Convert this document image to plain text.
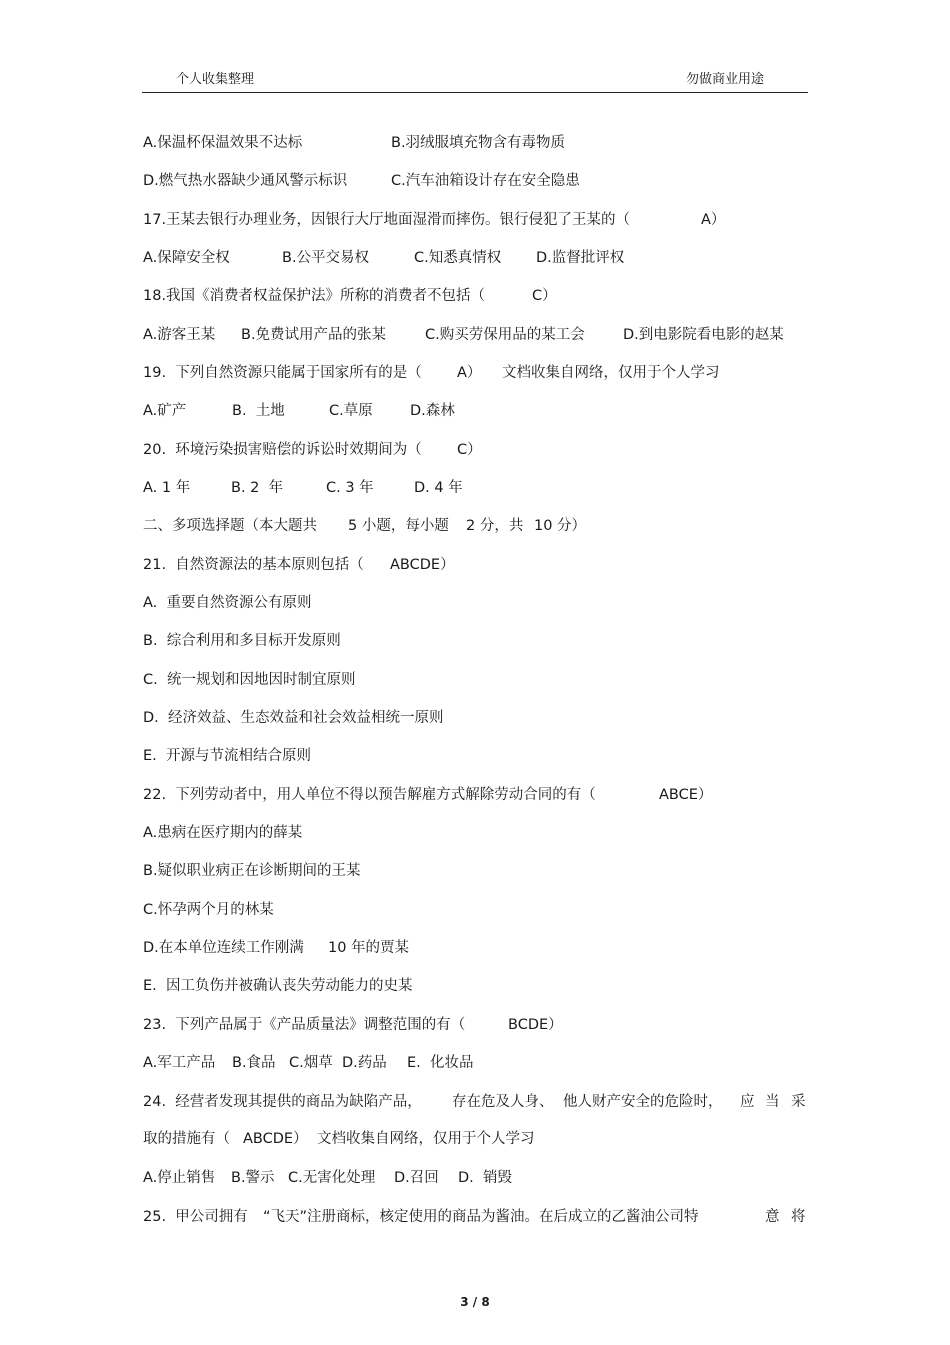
个人收集整理	勿做商业用途

A.保温杯保温效果不达标

	B.羽绒服填充物含有毒物质

D.燃气热水器缺少通风警示标识

	C.汽车油箱设计存在安全隐患

17.王某去银行办理业务，因银行大厅地面湿滑而摔伤。银行侵犯了王某的（

	A）

A.保障安全权

	B.公平交易权

	C.知悉真情权

D.监督批评权

18.我国《消费者权益保护法》所称的消费者不包括（

	C）

A.游客王某

B.免费试用产品的张某

	C.购买劳保用品的某工会

	D.到电影院看电影的赵某

19.  下列自然资源只能属于国家所有的是（

A）

文档收集自网络，仅用于个人学习

A.矿产

	B.  土地

	C.草原

	D.森林

20.  环境污染损害赔偿的诉讼时效期间为（

C）

A. 1 年

	B. 2  年

	C. 3 年

	D. 4 年

二、多项选择题（本大题共

5 小题，每小题

2 分，共

10 分）

21.  自然资源法的基本原则包括（

ABCDE）

A.  重要自然资源公有原则

B.  综合利用和多目标开发原则

C.  统一规划和因地因时制宜原则

D.  经济效益、生态效益和社会效益相统一原则

E.  开源与节流相结合原则

22.  下列劳动者中，用人单位不得以预告解雇方式解除劳动合同的有（

	ABCE）

A.患病在医疗期内的薛某

B.疑似职业病正在诊断期间的王某

C.怀孕两个月的林某

D.在本单位连续工作刚满

10 年的贾某

E.  因工负伤并被确认丧失劳动能力的史某

23.  下列产品属于《产品质量法》调整范围的有（

	BCDE）

A.军工产品

B.食品

C.烟草

D.药品

E.  化妆品

24.  经营者发现其提供的商品为缺陷产品，

存在危及人身、

他人财产安全的危险时，

应

当

采

取的措施有（

ABCDE）

文档收集自网络，仅用于个人学习

A.停止销售

B.警示

C.无害化处理

D.召回

D.  销毁

25.  甲公司拥有

“飞天”注册商标，核定使用的商品为酱油。在后成立的乙酱油公司特

	意

将

3 / 8
